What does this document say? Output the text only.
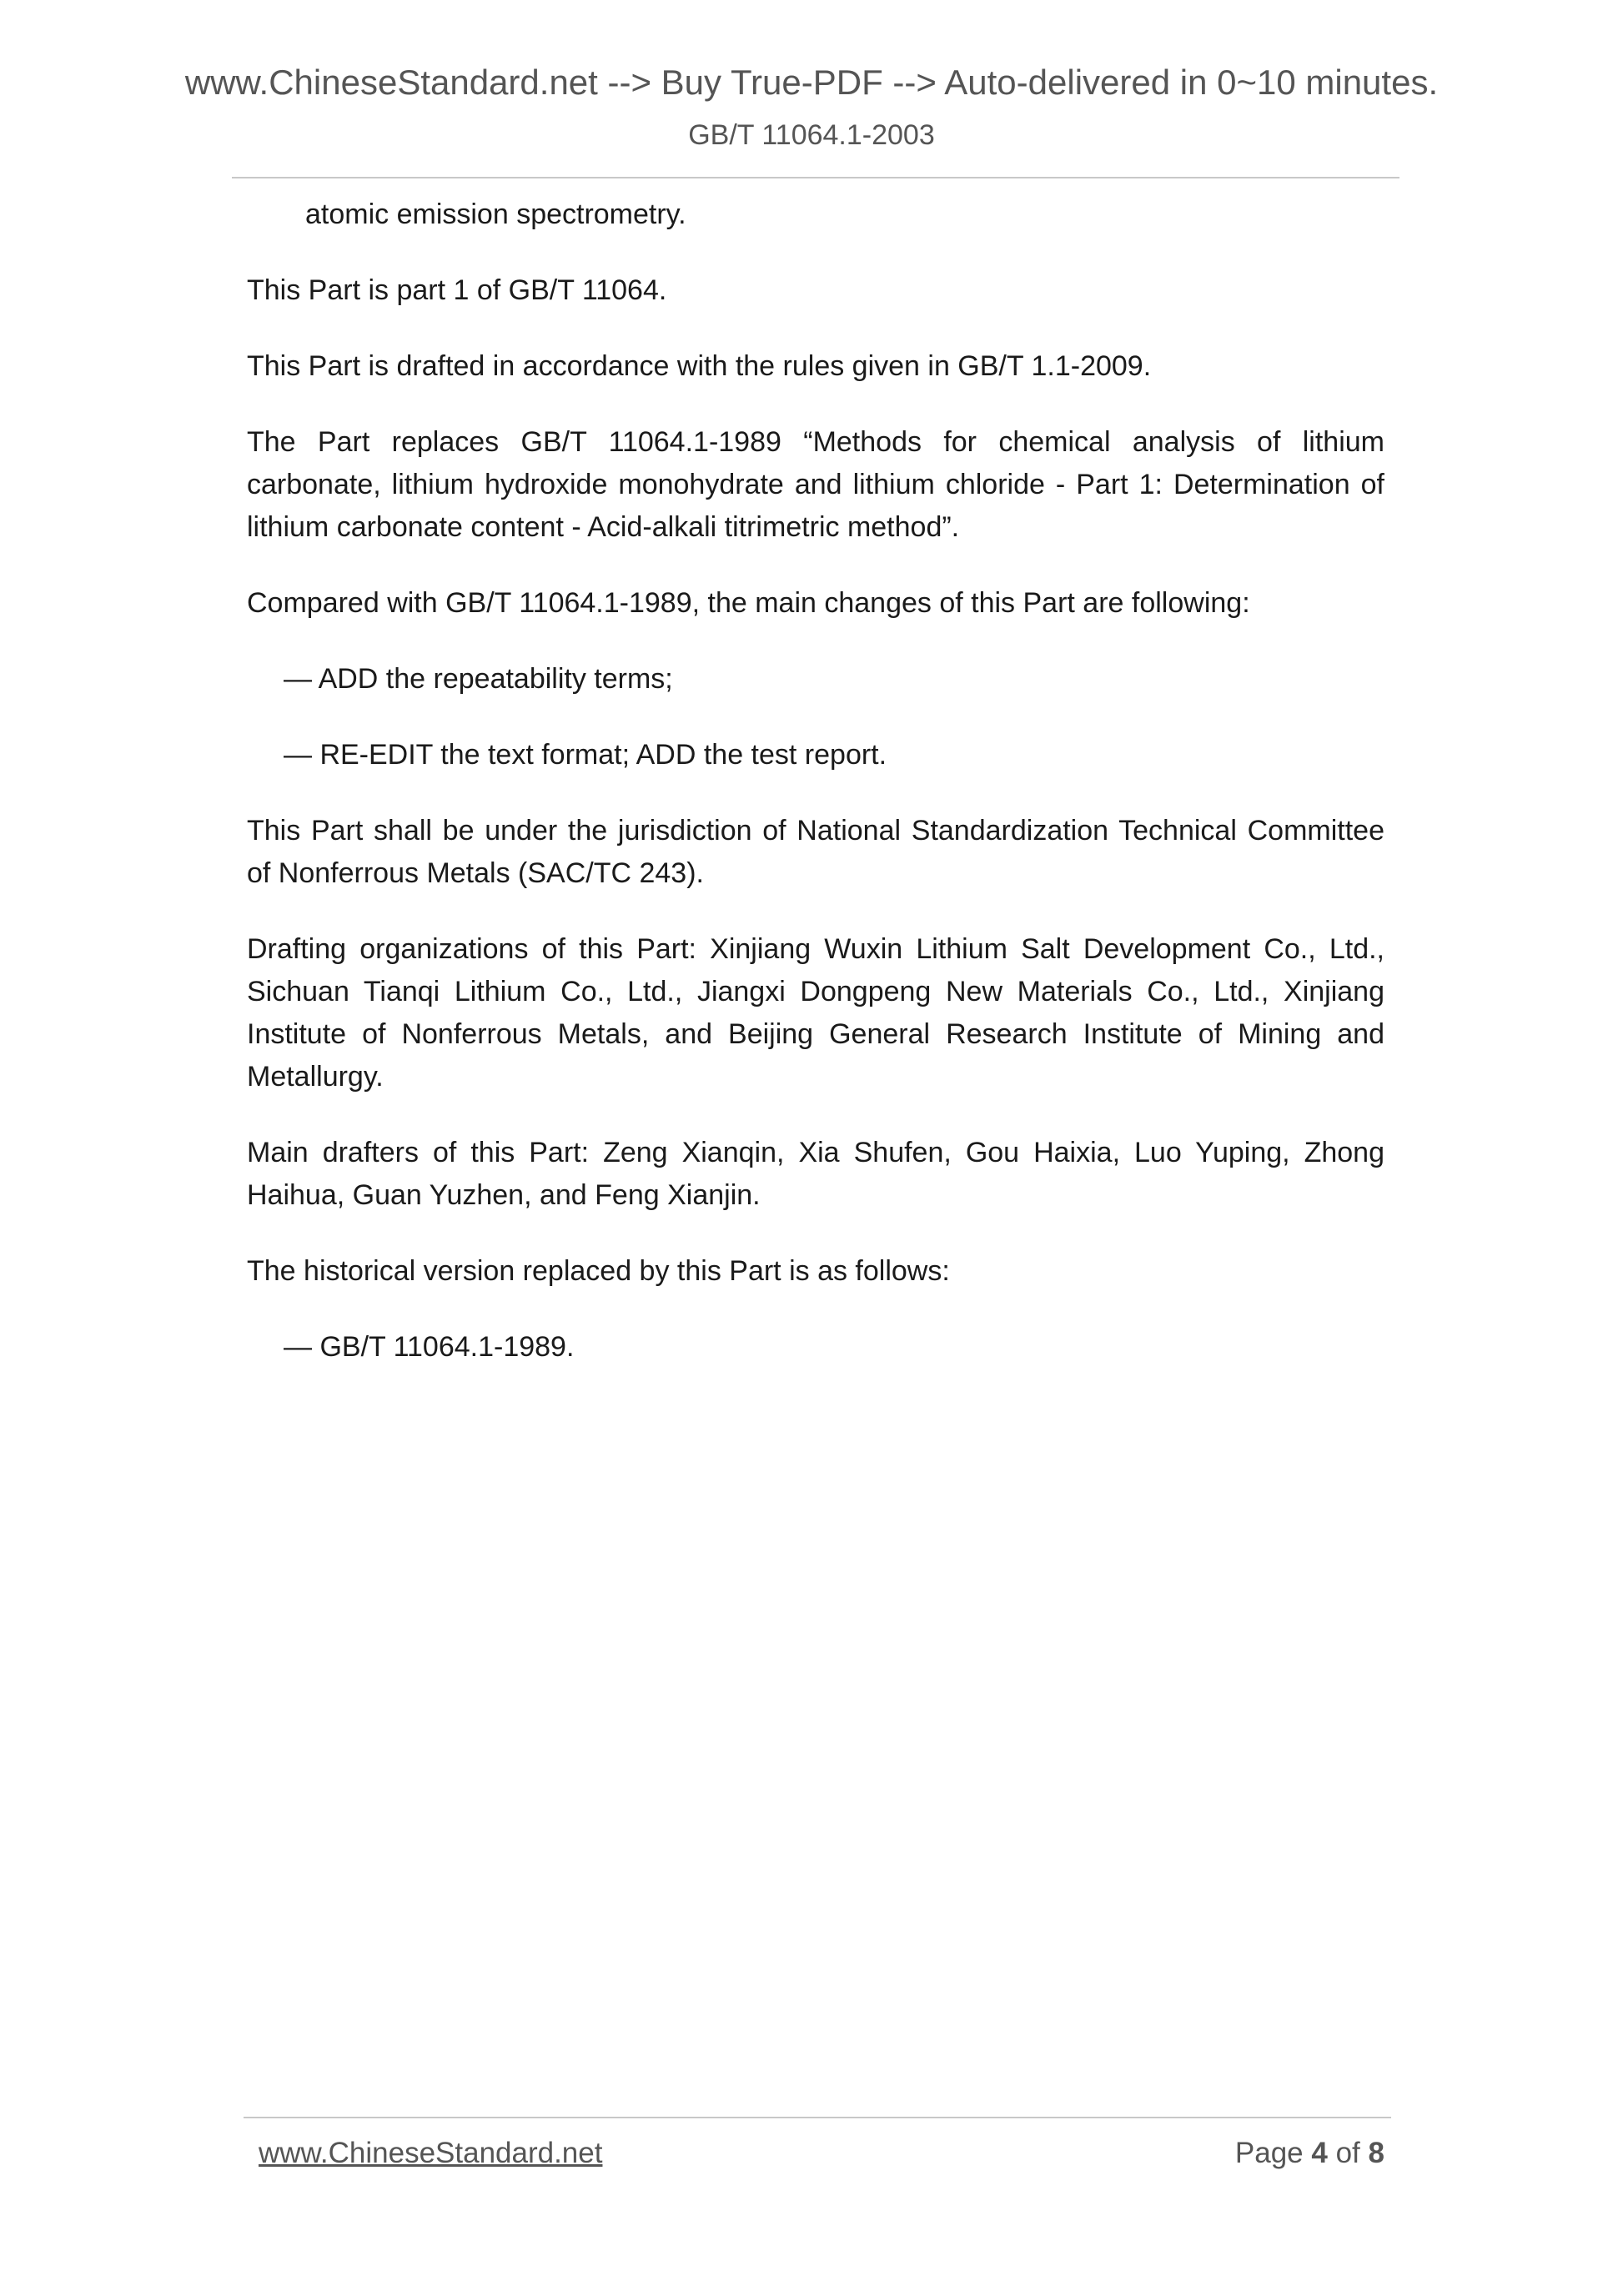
www.ChineseStandard.net --> Buy True-PDF --> Auto-delivered in 0~10 minutes.
GB/T 11064.1-2003

atomic emission spectrometry.

This Part is part 1 of GB/T 11064.

This Part is drafted in accordance with the rules given in GB/T 1.1-2009.

The Part replaces GB/T 11064.1-1989 “Methods for chemical analysis of lithium carbonate, lithium hydroxide monohydrate and lithium chloride - Part 1: Determination of lithium carbonate content - Acid-alkali titrimetric method”.

Compared with GB/T 11064.1-1989, the main changes of this Part are following:

— ADD the repeatability terms;

— RE-EDIT the text format; ADD the test report.

This Part shall be under the jurisdiction of National Standardization Technical Committee of Nonferrous Metals (SAC/TC 243).

Drafting organizations of this Part: Xinjiang Wuxin Lithium Salt Development Co., Ltd., Sichuan Tianqi Lithium Co., Ltd., Jiangxi Dongpeng New Materials Co., Ltd., Xinjiang Institute of Nonferrous Metals, and Beijing General Research Institute of Mining and Metallurgy.

Main drafters of this Part: Zeng Xianqin, Xia Shufen, Gou Haixia, Luo Yuping, Zhong Haihua, Guan Yuzhen, and Feng Xianjin.

The historical version replaced by this Part is as follows:

— GB/T 11064.1-1989.

www.ChineseStandard.net	Page 4 of 8
